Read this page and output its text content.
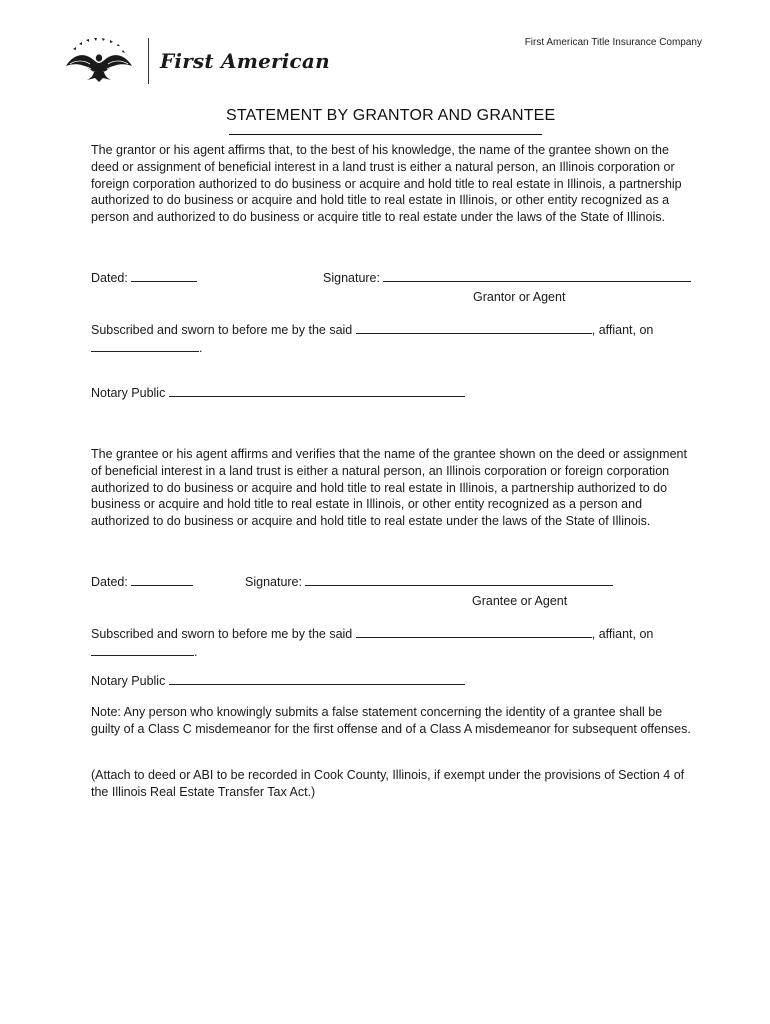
First American Title Insurance Company
First American
STATEMENT BY GRANTOR AND GRANTEE
The grantor or his agent affirms that, to the best of his knowledge, the name of the grantee shown on the deed or assignment of beneficial interest in a land trust is either a natural person, an Illinois corporation or foreign corporation authorized to do business or acquire and hold title to real estate in Illinois, a partnership authorized to do business or acquire and hold title to real estate in Illinois, or other entity recognized as a person and authorized to do business or acquire title to real estate under the laws of the State of Illinois.
Dated:	Signature:
Grantor or Agent
Subscribed and sworn to before me by the said	, affiant, on
.
Notary Public
The grantee or his agent affirms and verifies that the name of the grantee shown on the deed or assignment of beneficial interest in a land trust is either a natural person, an Illinois corporation or foreign corporation authorized to do business or acquire and hold title to real estate in Illinois, a partnership authorized to do business or acquire and hold title to real estate in Illinois, or other entity recognized as a person and authorized to do business or acquire and hold title to real estate under the laws of the State of Illinois.
Dated:	Signature:
Grantee or Agent
Subscribed and sworn to before me by the said	, affiant, on
.
Notary Public
Note: Any person who knowingly submits a false statement concerning the identity of a grantee shall be guilty of a Class C misdemeanor for the first offense and of a Class A misdemeanor for subsequent offenses.
(Attach to deed or ABI to be recorded in Cook County, Illinois, if exempt under the provisions of Section 4 of the Illinois Real Estate Transfer Tax Act.)
